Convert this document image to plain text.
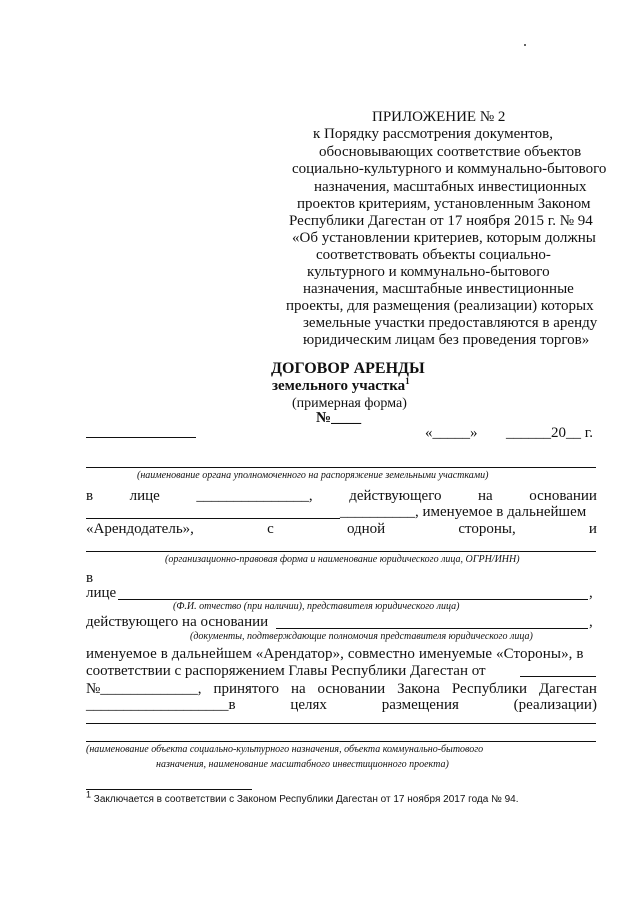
ПРИЛОЖЕНИЕ № 2
к Порядку рассмотрения документов,
обосновывающих соответствие объектов
социально-культурного и коммунально-бытового
назначения, масштабных инвестиционных
проектов критериям, установленным Законом
Республики Дагестан от 17 ноября 2015 г. № 94
«Об установлении критериев, которым должны
соответствовать объекты социально-
культурного и коммунально-бытового
назначения, масштабные инвестиционные
проекты, для размещения (реализации) которых
земельные участки предоставляются в аренду
юридическим лицам без проведения торгов»
ДОГОВОР АРЕНДЫ
земельного участка$^1$
(примерная форма)
№____
«_____» ______20__ г.
(наименование органа уполномоченного на распоряжение земельными участками)
в лице _______________, действующего на основании
__________, именуемое в дальнейшем
«Арендодатель»,	с	одной	стороны,	и
(организационно-правовая форма и наименование юридического лица, ОГРН/ИНН)
в
лице	,
(Ф.И. отчество (при наличии), представителя юридического лица)
действующего на основании	,
(документы, подтверждающие полномочия представителя юридического лица)
именуемое в дальнейшем «Арендатор», совместно именуемые «Стороны», в
соответствии с распоряжением Главы Республики Дагестан от
№_____________, принятого на основании Закона Республики Дагестан
___________________в	целях	размещения	(реализации)
(наименование объекта социально-культурного назначения, объекта коммунально-бытового
назначения, наименование масштабного инвестиционного проекта)
$^1$ Заключается в соответствии с Законом Республики Дагестан от 17 ноября 2017 года № 94.
